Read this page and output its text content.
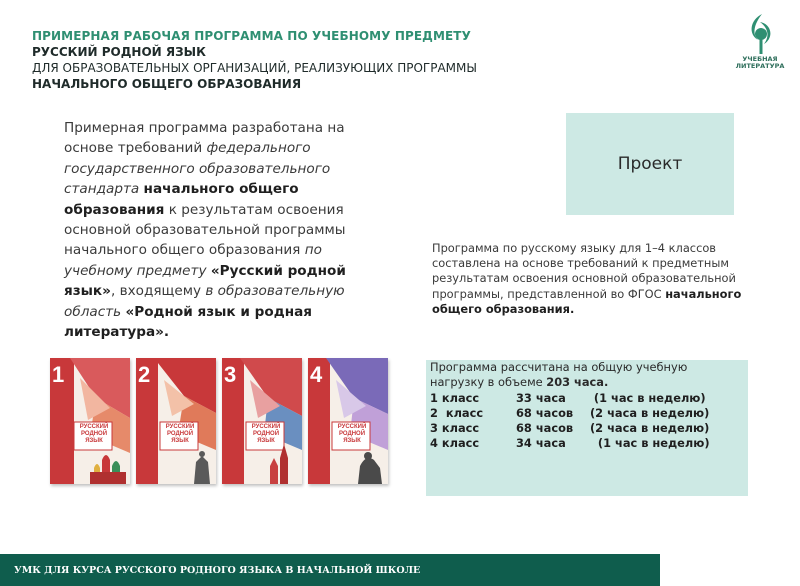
ПРИМЕРНАЯ РАБОЧАЯ ПРОГРАММА ПО УЧЕБНОМУ ПРЕДМЕТУ
РУССКИЙ РОДНОЙ ЯЗЫК
ДЛЯ ОБРАЗОВАТЕЛЬНЫХ ОРГАНИЗАЦИЙ, РЕАЛИЗУЮЩИХ ПРОГРАММЫ
НАЧАЛЬНОГО ОБЩЕГО ОБРАЗОВАНИЯ
УЧЕБНАЯ
ЛИТЕРАТУРА
Примерная программа разработана на основе требований федерального государственного образовательного стандарта начального общего образования к результатам освоения основной образовательной программы начального общего образования по учебному предмету «Русский родной язык», входящему в образовательную область «Родной язык и родная литература».
Проект
Программа по русскому языку для 1–4 классов составлена на основе требований к предметным результатам освоения основной образовательной программы, представленной во ФГОС начального общего образования.
Программа рассчитана на общую учебную нагрузку в объеме 203 часа.
1 класс	33 часа	(1 час в неделю)
2  класс	68 часов	(2 часа в неделю)
3 класс	68 часов	(2 часа в неделю)
4 класс	34 часа	(1 час в неделю)
1
РУССКИЙ
РОДНОЙ
ЯЗЫК
2
РУССКИЙ
РОДНОЙ
ЯЗЫК
3
РУССКИЙ
РОДНОЙ
ЯЗЫК
4
РУССКИЙ
РОДНОЙ
ЯЗЫК
УМК ДЛЯ КУРСА РУССКОГО РОДНОГО ЯЗЫКА В НАЧАЛЬНОЙ ШКОЛЕ
